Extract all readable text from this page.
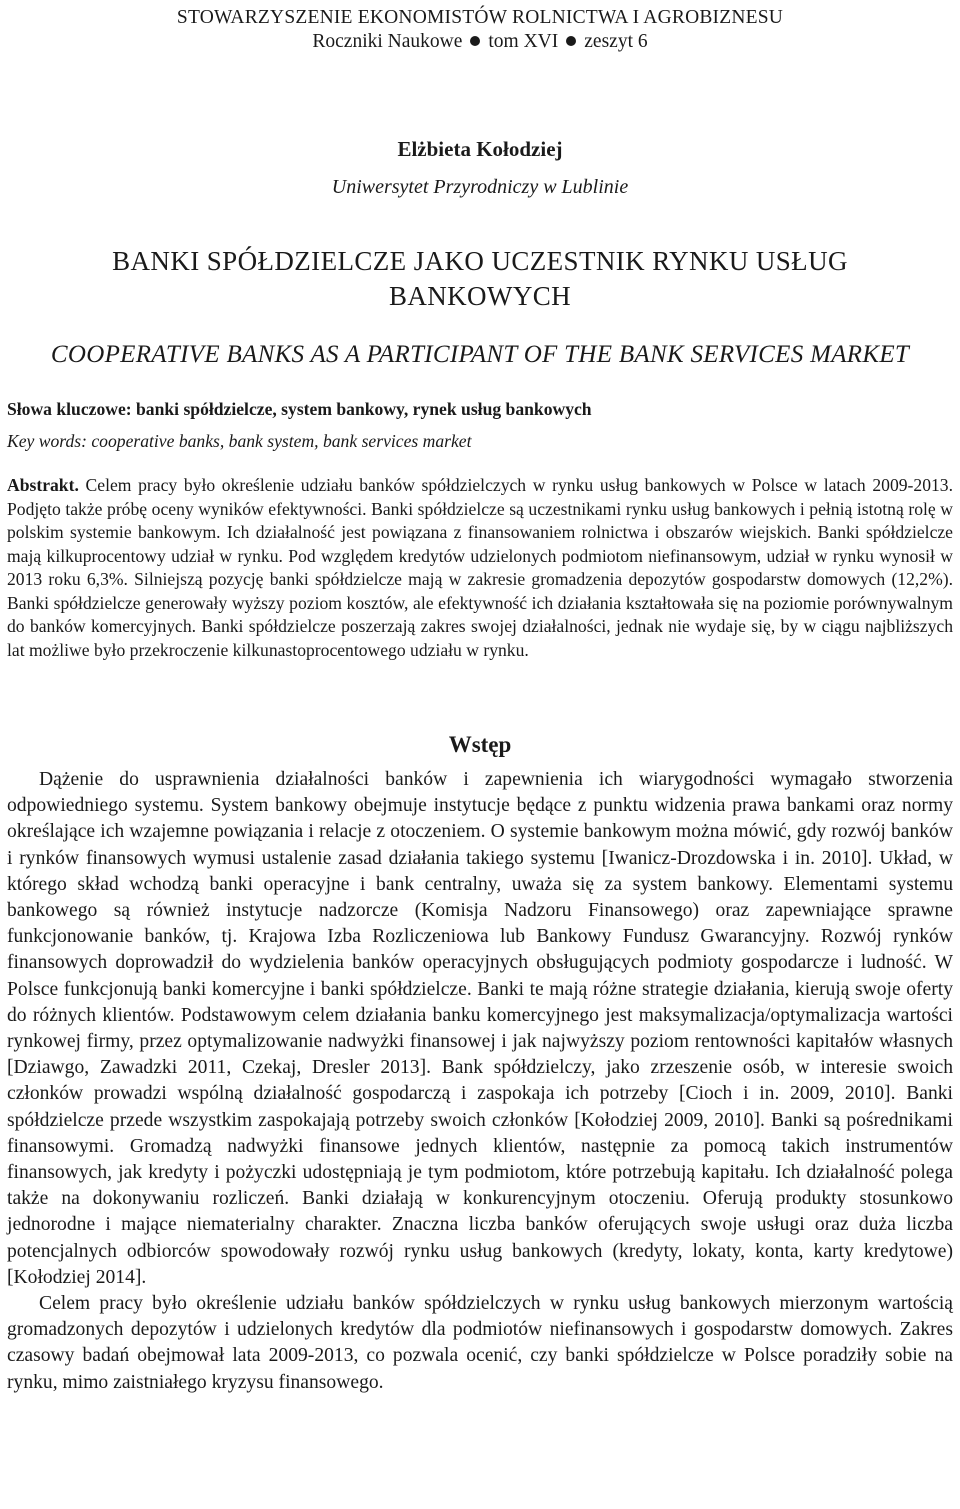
STOWARZYSZENIE EKONOMISTÓW ROLNICTWA I AGROBIZNESU
Roczniki Naukowe tom XVI zeszyt 6
Elżbieta Kołodziej
Uniwersytet Przyrodniczy w Lublinie
BANKI SPÓŁDZIELCZE JAKO UCZESTNIK RYNKU USŁUG BANKOWYCH
COOPERATIVE BANKS AS A PARTICIPANT OF THE BANK SERVICES MARKET
Słowa kluczowe: banki spółdzielcze, system bankowy, rynek usług bankowych
Key words: cooperative banks, bank system, bank services market
Abstrakt. Celem pracy było określenie udziału banków spółdzielczych w rynku usług bankowych w Polsce w latach 2009-2013. Podjęto także próbę oceny wyników efektywności. Banki spółdzielcze są uczestnikami rynku usług bankowych i pełnią istotną rolę w polskim systemie bankowym. Ich działalność jest powiązana z finansowaniem rolnictwa i obszarów wiejskich. Banki spółdzielcze mają kilkuprocentowy udział w rynku. Pod względem kredytów udzielonych podmiotom niefinansowym, udział w rynku wynosił w 2013 roku 6,3%. Silniejszą pozycję banki spółdzielcze mają w zakresie gromadzenia depozytów gospodarstw domowych (12,2%). Banki spółdzielcze generowały wyższy poziom kosztów, ale efektywność ich działania kształtowała się na poziomie porównywalnym do banków komercyjnych. Banki spółdzielcze poszerzają zakres swojej działalności, jednak nie wydaje się, by w ciągu najbliższych lat możliwe było przekroczenie kilkunastoprocentowego udziału w rynku.
Wstęp

Dążenie do usprawnienia działalności banków i zapewnienia ich wiarygodności wymagało stworzenia odpowiedniego systemu. System bankowy obejmuje instytucje będące z punktu widzenia prawa bankami oraz normy określające ich wzajemne powiązania i relacje z otoczeniem. O systemie bankowym można mówić, gdy rozwój banków i rynków finansowych wymusi ustalenie zasad działania takiego systemu [Iwanicz-Drozdowska i in. 2010]. Układ, w którego skład wchodzą banki operacyjne i bank centralny, uważa się za system bankowy. Elementami systemu bankowego są również instytucje nadzorcze (Komisja Nadzoru Finansowego) oraz zapewniające sprawne funkcjonowanie banków, tj. Krajowa Izba Rozliczeniowa lub Bankowy Fundusz Gwarancyjny. Rozwój rynków finansowych doprowadził do wydzielenia banków operacyjnych obsługujących podmioty gospodarcze i ludność. W Polsce funkcjonują banki komercyjne i banki spółdzielcze. Banki te mają różne strategie działania, kierują swoje oferty do różnych klientów. Podstawowym celem działania banku komercyjnego jest maksymalizacja/optymalizacja wartości rynkowej firmy, przez optymalizowanie nadwyżki finansowej i jak najwyższy poziom rentowności kapitałów własnych [Dziawgo, Zawadzki 2011, Czekaj, Dresler 2013]. Bank spółdzielczy, jako zrzeszenie osób, w interesie swoich członków prowadzi wspólną działalność gospodarczą i zaspokaja ich potrzeby [Cioch i in. 2009, 2010]. Banki spółdzielcze przede wszystkim zaspokajają potrzeby swoich członków [Kołodziej 2009, 2010]. Banki są pośrednikami finansowymi. Gromadzą nadwyżki finansowe jednych klientów, następnie za pomocą takich instrumentów finansowych, jak kredyty i pożyczki udostępniają je tym podmiotom, które potrzebują kapitału. Ich działalność polega także na dokonywaniu rozliczeń. Banki działają w konkurencyjnym otoczeniu. Oferują produkty stosunkowo jednorodne i mające niematerialny charakter. Znaczna liczba banków oferujących swoje usługi oraz duża liczba potencjalnych odbiorców spowodowały rozwój rynku usług bankowych (kredyty, lokaty, konta, karty kredytowe) [Kołodziej 2014].

Celem pracy było określenie udziału banków spółdzielczych w rynku usług bankowych mierzonym wartością gromadzonych depozytów i udzielonych kredytów dla podmiotów niefinansowych i gospodarstw domowych. Zakres czasowy badań obejmował lata 2009-2013, co pozwala ocenić, czy banki spółdzielcze w Polsce poradziły sobie na rynku, mimo zaistniałego kryzysu finansowego.
